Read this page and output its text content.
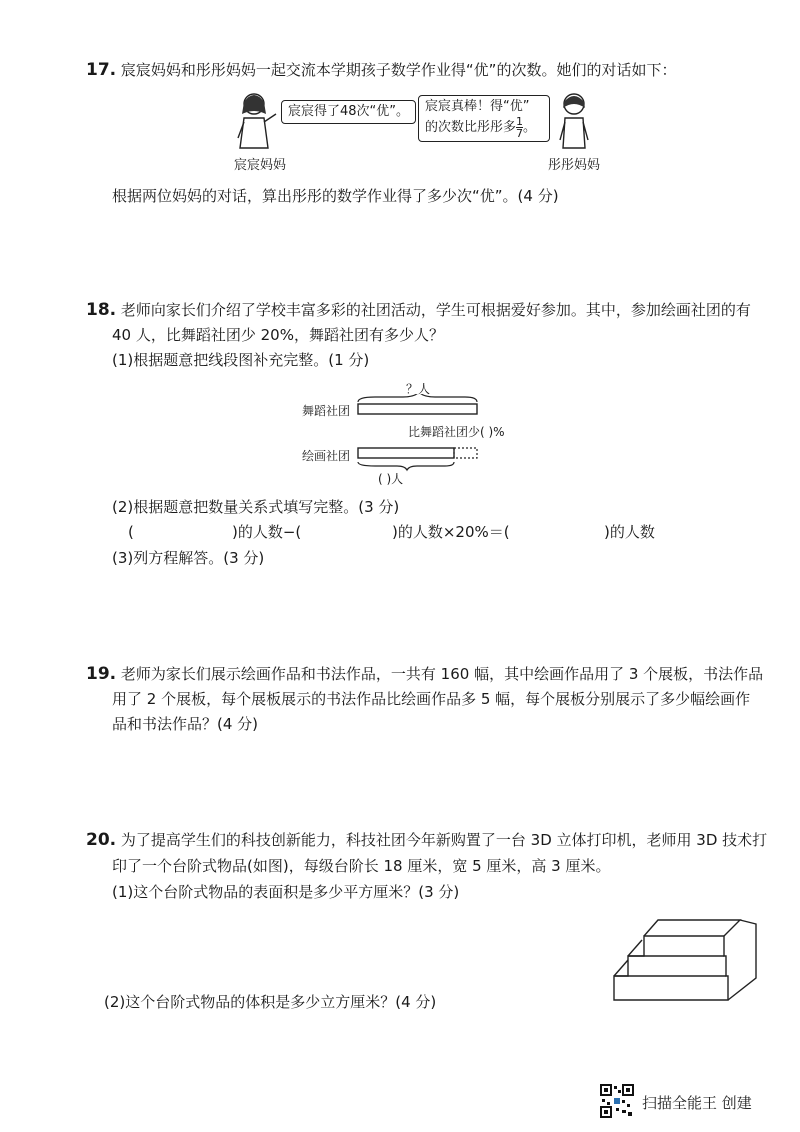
17. 宸宸妈妈和彤彤妈妈一起交流本学期孩子数学作业得“优”的次数。她们的对话如下：
宸宸得了48次“优”。
宸宸妈妈
宸宸真棒！得“优”
的次数比彤彤多 $\frac{1}{7}$ 。
彤彤妈妈
根据两位妈妈的对话，算出彤彤的数学作业得了多少次“优”。(4 分)
18. 老师向家长们介绍了学校丰富多彩的社团活动，学生可根据爱好参加。其中，参加绘画社团的有
40 人，比舞蹈社团少 20%，舞蹈社团有多少人？
(1)根据题意把线段图补充完整。(1 分)
舞蹈社团
？人
绘画社团
比舞蹈社团少( )%
( )人
(2)根据题意把数量关系式填写完整。(3 分)
(	)的人数−(	)的人数×20%＝(	)的人数
(3)列方程解答。(3 分)
19. 老师为家长们展示绘画作品和书法作品，一共有 160 幅，其中绘画作品用了 3 个展板，书法作品
用了 2 个展板，每个展板展示的书法作品比绘画作品多 5 幅，每个展板分别展示了多少幅绘画作
品和书法作品？(4 分)
20. 为了提高学生们的科技创新能力，科技社团今年新购置了一台 3D 立体打印机，老师用 3D 技术打
印了一个台阶式物品(如图)，每级台阶长 18 厘米，宽 5 厘米，高 3 厘米。
(1)这个台阶式物品的表面积是多少平方厘米？(3 分)
(2)这个台阶式物品的体积是多少立方厘米？(4 分)
扫描全能王 创建
